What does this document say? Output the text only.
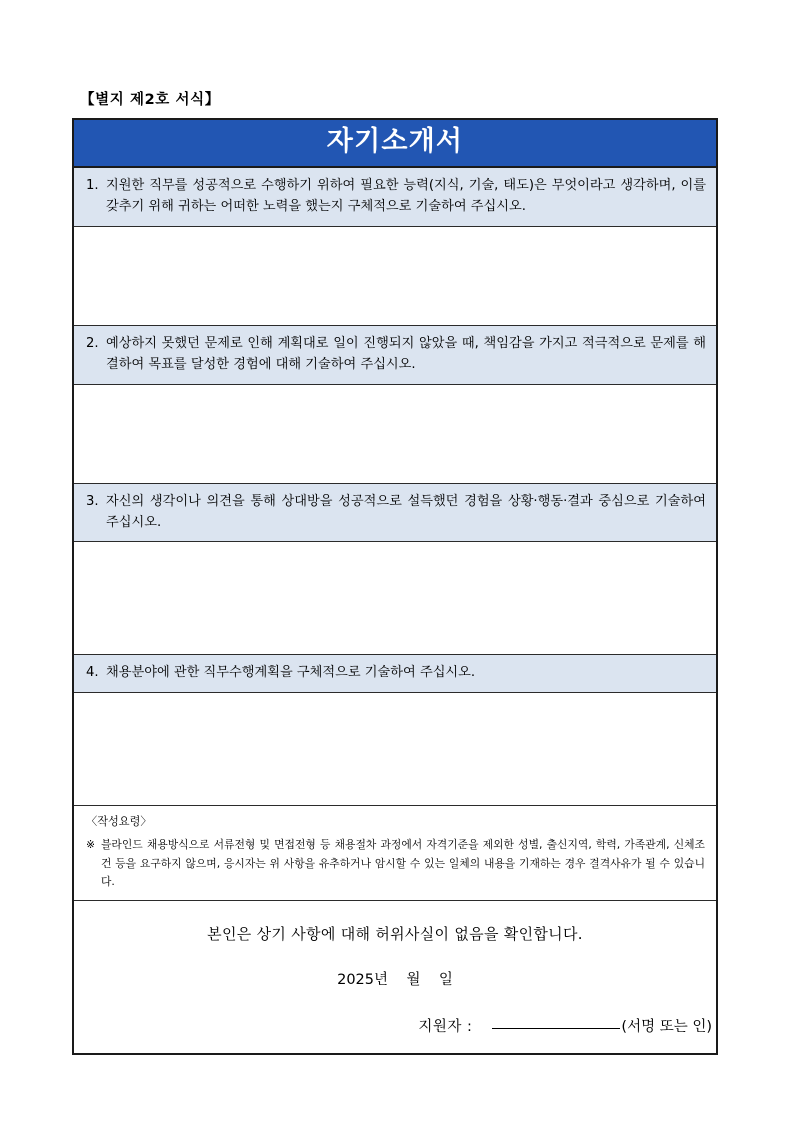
【별지 제2호 서식】
자기소개서
1. 지원한 직무를 성공적으로 수행하기 위하여 필요한 능력(지식, 기술, 태도)은 무엇이라고 생각하며, 이를 갖추기 위해 귀하는 어떠한 노력을 했는지 구체적으로 기술하여 주십시오.
2. 예상하지 못했던 문제로 인해 계획대로 일이 진행되지 않았을 때, 책임감을 가지고 적극적으로 문제를 해결하여 목표를 달성한 경험에 대해 기술하여 주십시오.
3. 자신의 생각이나 의견을 통해 상대방을 성공적으로 설득했던 경험을 상황·행동·결과 중심으로 기술하여 주십시오.
4. 채용분야에 관한 직무수행계획을 구체적으로 기술하여 주십시오.
〈작성요령〉
※ 블라인드 채용방식으로 서류전형 및 면접전형 등 채용절차 과정에서 자격기준을 제외한 성별, 출신지역, 학력, 가족관계, 신체조건 등을 요구하지 않으며, 응시자는 위 사항을 유추하거나 암시할 수 있는 일체의 내용을 기재하는 경우 결격사유가 될 수 있습니다.
본인은 상기 사항에 대해 허위사실이 없음을 확인합니다.
2025년    월    일
지원자 :	(서명 또는 인)
